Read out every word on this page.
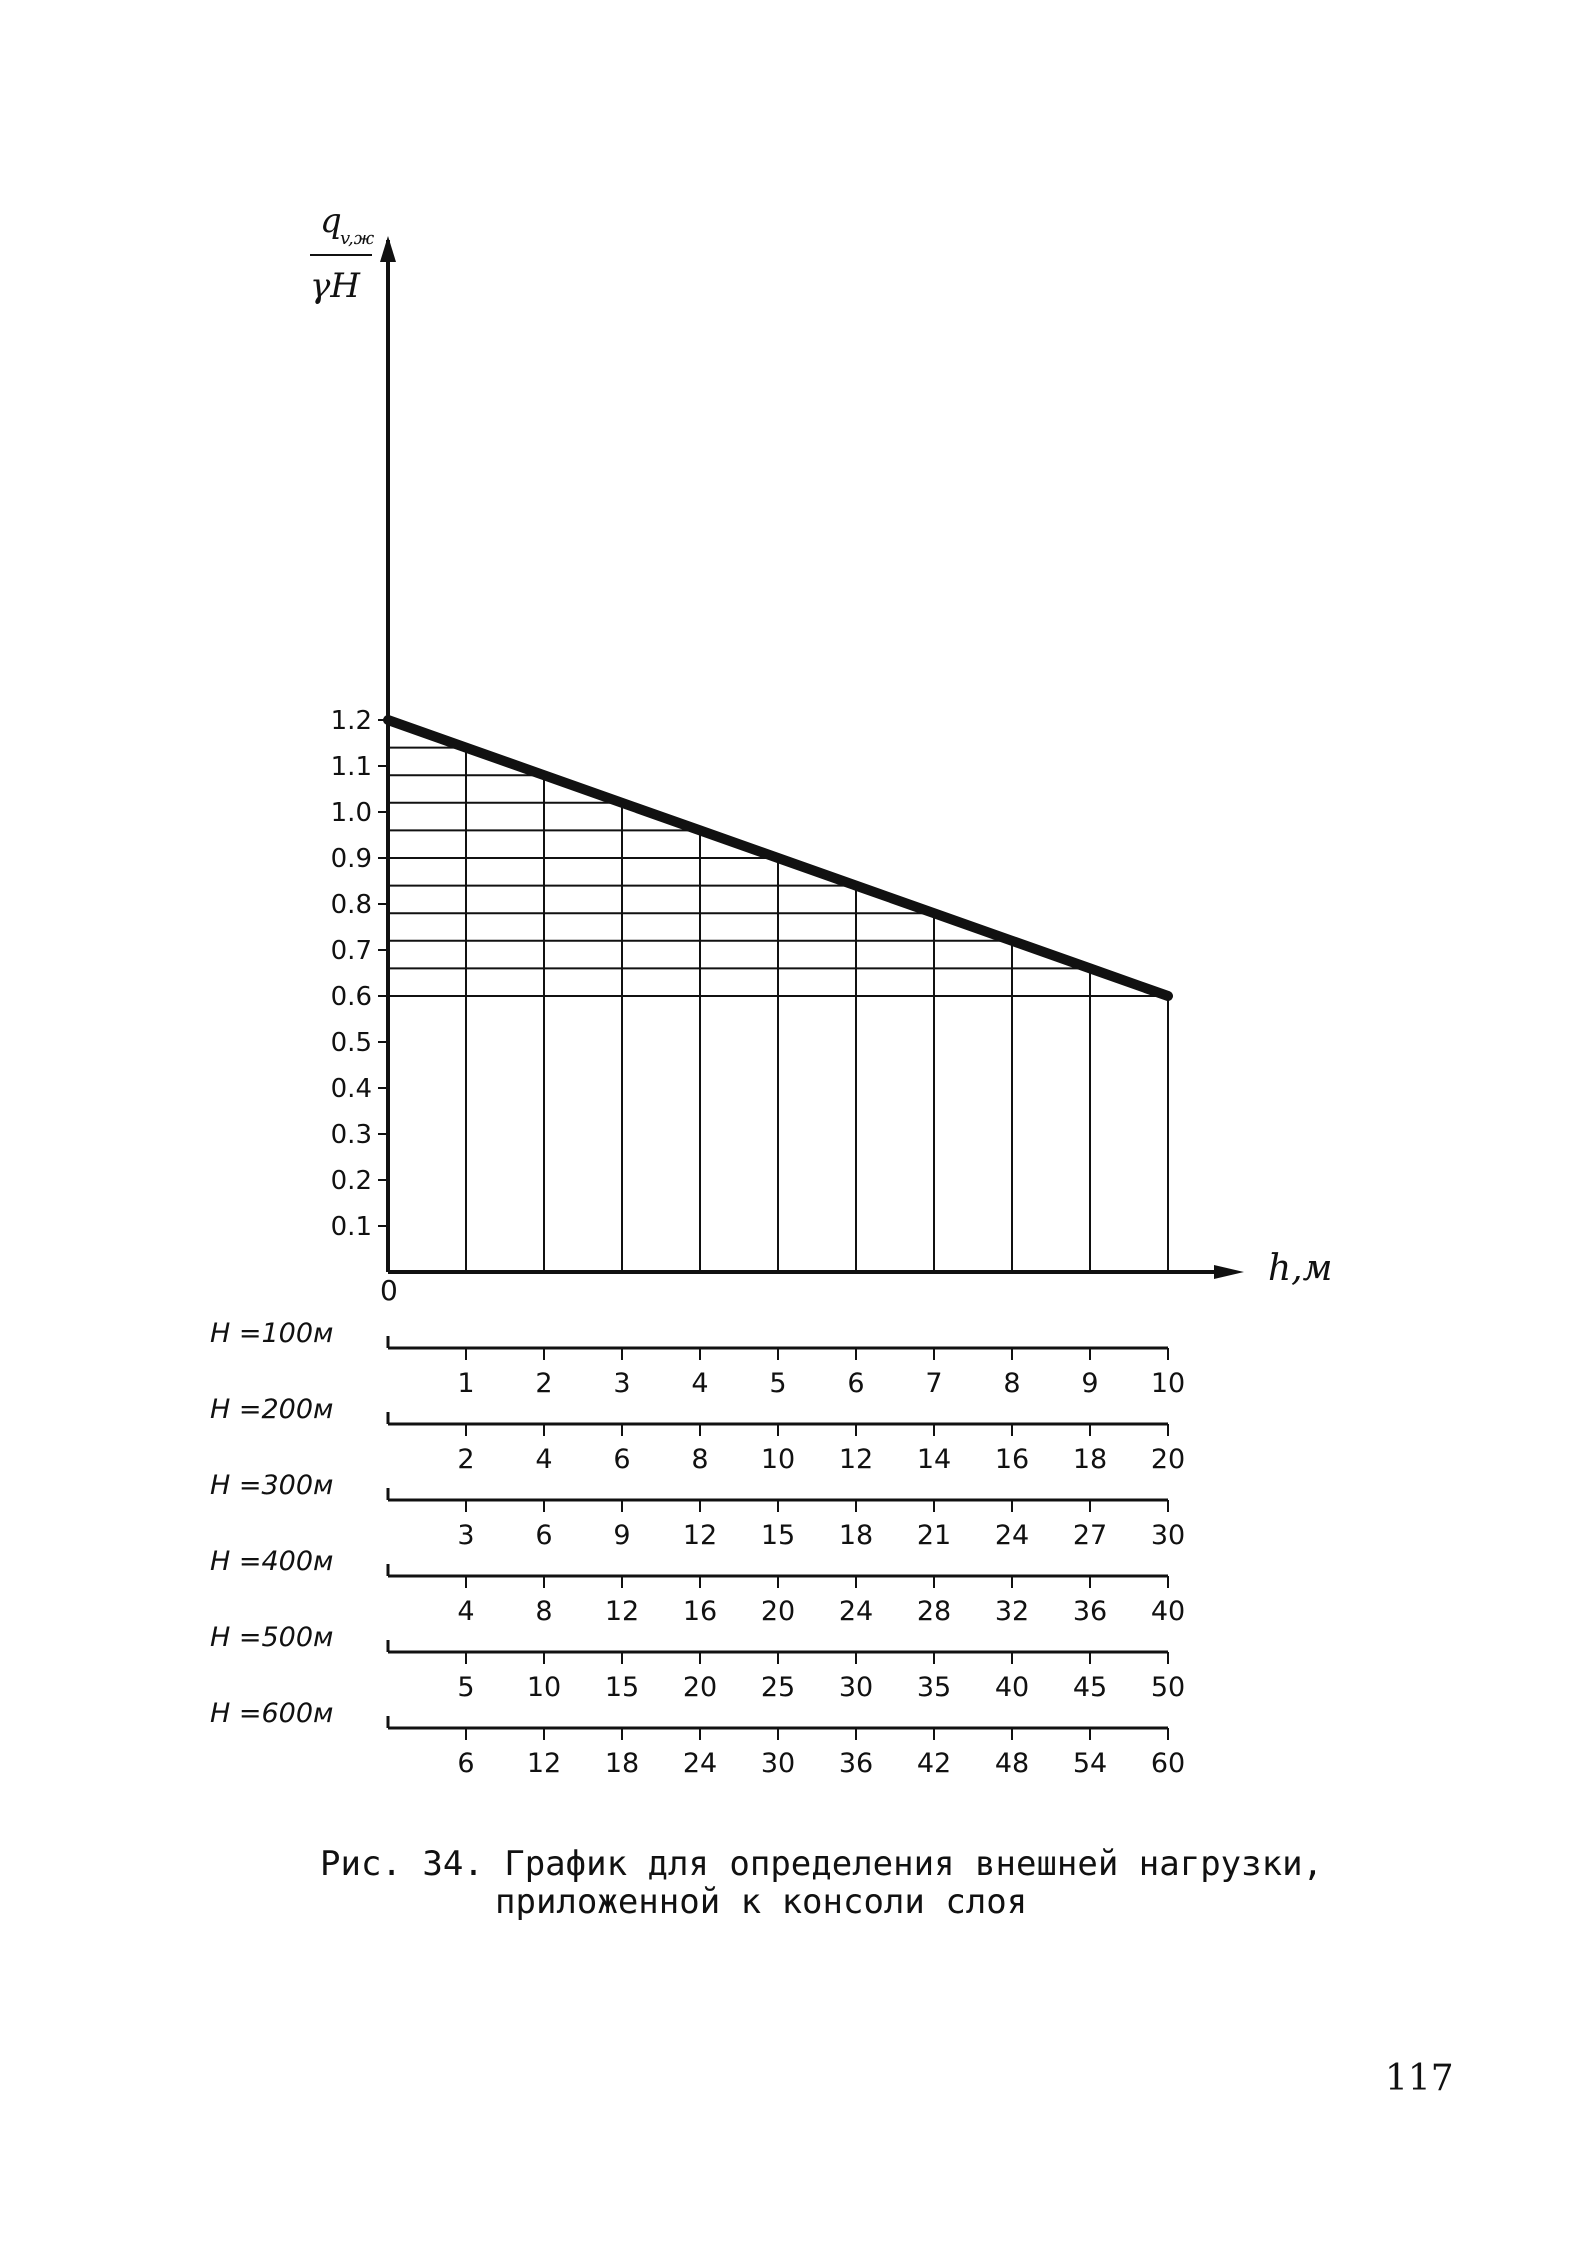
0.1
0.2
0.3
0.4
0.5
0.6
0.7
0.8
0.9
1.0
1.1
1.2
H =100м
1 2 3 4 5 6 7 8 9 10
H =200м
2 4 6 8 10 12 14 16 18 20
H =300м
3 6 9 12 15 18 21 24 27 30
H =400м
4 8 12 16 20 24 28 32 36 40
H =500м
5 10 15 20 25 30 35 40 45 50
H =600м
6 12 18 24 30 36 42 48 54 60
q
v,ж
γH
h,м
0
Рис. 34. График для определения внешней нагрузки,
приложенной к консоли слоя
117
